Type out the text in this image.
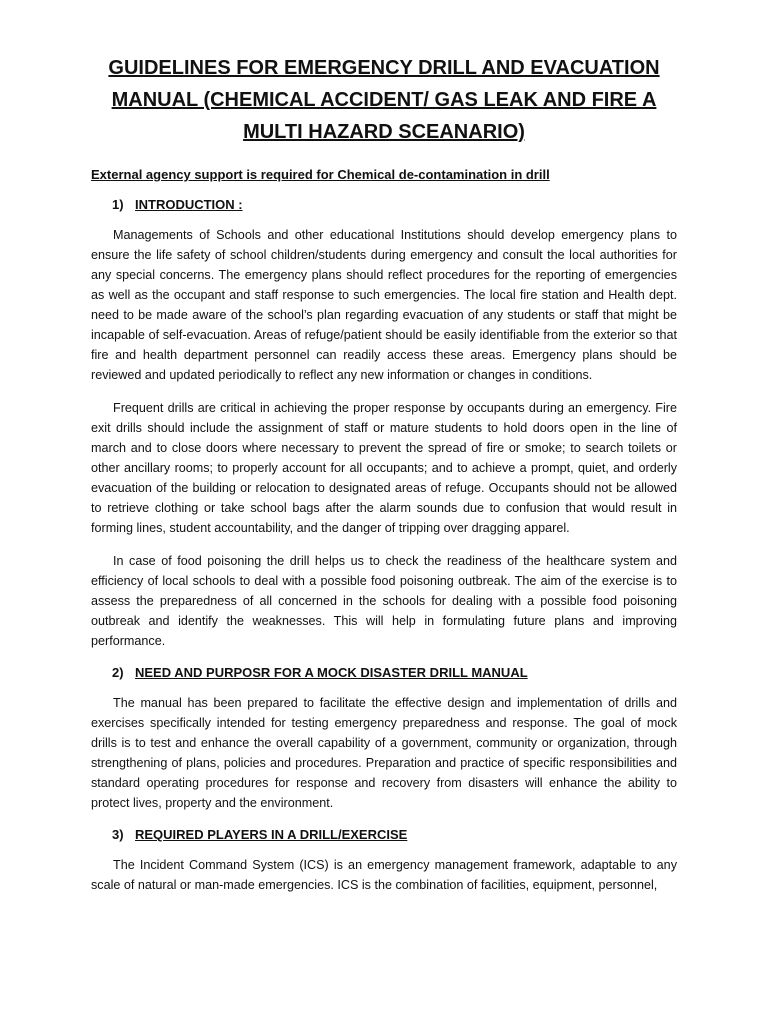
GUIDELINES FOR EMERGENCY DRILL AND EVACUATION MANUAL (CHEMICAL ACCIDENT/ GAS LEAK AND FIRE A MULTI HAZARD SCEANARIO)
External agency support is required for Chemical de-contamination in drill
1) INTRODUCTION :

Managements of Schools and other educational Institutions should develop emergency plans to ensure the life safety of school children/students during emergency and consult the local authorities for any special concerns. The emergency plans should reflect procedures for the reporting of emergencies as well as the occupant and staff response to such emergencies. The local fire station and Health dept. need to be made aware of the school’s plan regarding evacuation of any students or staff that might be incapable of self-evacuation. Areas of refuge/patient should be easily identifiable from the exterior so that fire and health department personnel can readily access these areas. Emergency plans should be reviewed and updated periodically to reflect any new information or changes in conditions.

Frequent drills are critical in achieving the proper response by occupants during an emergency. Fire exit drills should include the assignment of staff or mature students to hold doors open in the line of march and to close doors where necessary to prevent the spread of fire or smoke; to search toilets or other ancillary rooms; to properly account for all occupants; and to achieve a prompt, quiet, and orderly evacuation of the building or relocation to designated areas of refuge. Occupants should not be allowed to retrieve clothing or take school bags after the alarm sounds due to confusion that would result in forming lines, student accountability, and the danger of tripping over dragging apparel.

In case of food poisoning the drill helps us to check the readiness of the healthcare system and efficiency of local schools to deal with a possible food poisoning outbreak. The aim of the exercise is to assess the preparedness of all concerned in the schools for dealing with a possible food poisoning outbreak and identify the weaknesses. This will help in formulating future plans and improving performance.

2) NEED AND PURPOSR FOR A MOCK DISASTER DRILL MANUAL

The manual has been prepared to facilitate the effective design and implementation of drills and exercises specifically intended for testing emergency preparedness and response. The goal of mock drills is to test and enhance the overall capability of a government, community or organization, through strengthening of plans, policies and procedures. Preparation and practice of specific responsibilities and standard operating procedures for response and recovery from disasters will enhance the ability to protect lives, property and the environment.

3) REQUIRED PLAYERS IN A DRILL/EXERCISE

The Incident Command System (ICS) is an emergency management framework, adaptable to any scale of natural or man-made emergencies. ICS is the combination of facilities, equipment, personnel,
